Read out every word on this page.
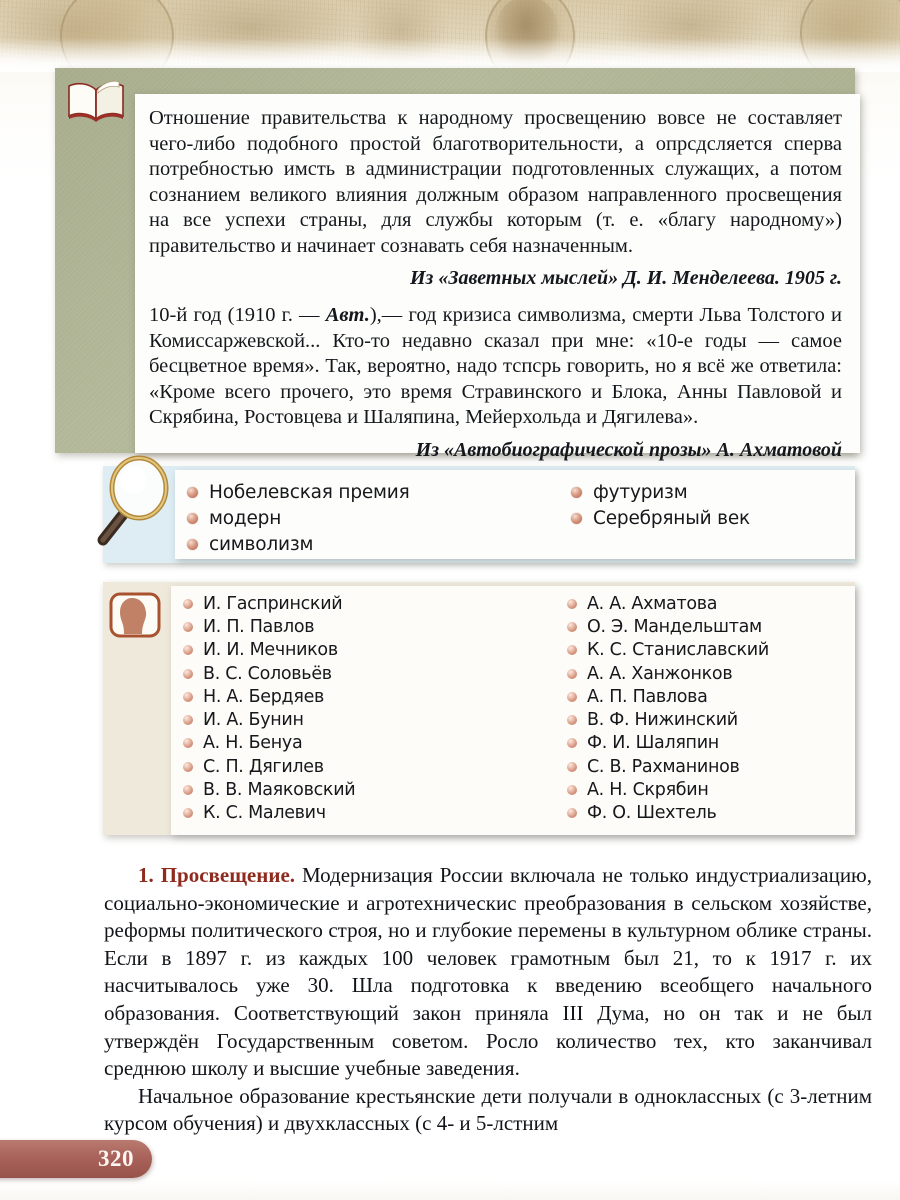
Отношение правительства к народному просвещению вовсе не составляет чего-либо подобного простой благотворительности, а опрсдсляется сперва потребностью имсть в администрации подготовленных служащих, а потом сознанием великого влияния должным образом направленного просвещения на все успехи страны, для службы которым (т. е. «благу народному») правительство и начинает сознавать себя назначенным.

Из «Заветных мыслей» Д. И. Менделеева. 1905 г.

10-й год (1910 г. — Авт.),— год кризиса символизма, смерти Льва Толстого и Комиссаржевской... Кто-то недавно сказал при мне: «10-е годы — самое бесцветное время». Так, вероятно, надо тспсрь говорить, но я всё же ответила: «Кроме всего прочего, это время Стравинского и Блока, Анны Павловой и Скрябина, Ростовцева и Шаляпина, Мейерхольда и Дягилева».

Из «Автобиографической прозы» А. Ахматовой

Нобелевская премия
модерн
символизм
футуризм
Серебряный век
И. Гаспринский
И. П. Павлов
И. И. Мечников
В. С. Соловьёв
Н. А. Бердяев
И. А. Бунин
А. Н. Бенуа
С. П. Дягилев
В. В. Маяковский
К. С. Малевич
А. А. Ахматова
О. Э. Мандельштам
К. С. Станиславский
А. А. Ханжонков
А. П. Павлова
В. Ф. Нижинский
Ф. И. Шаляпин
С. В. Рахманинов
А. Н. Скрябин
Ф. О. Шехтель

1. Просвещение. Модернизация России включала не только индустриализацию, социально-экономические и агротехническис преобразования в сельском хозяйстве, реформы политического строя, но и глубокие перемены в культурном облике страны. Если в 1897 г. из каждых 100 человек грамотным был 21, то к 1917 г. их насчитывалось уже 30. Шла подготовка к введению всеобщего начального образования. Соответствующий закон приняла III Дума, но он так и не был утверждён Государственным советом. Росло количество тех, кто заканчивал среднюю школу и высшие учебные заведения.

Начальное образование крестьянские дети получали в одноклассных (с 3-летним курсом обучения) и двухклассных (с 4- и 5-лстним

320
